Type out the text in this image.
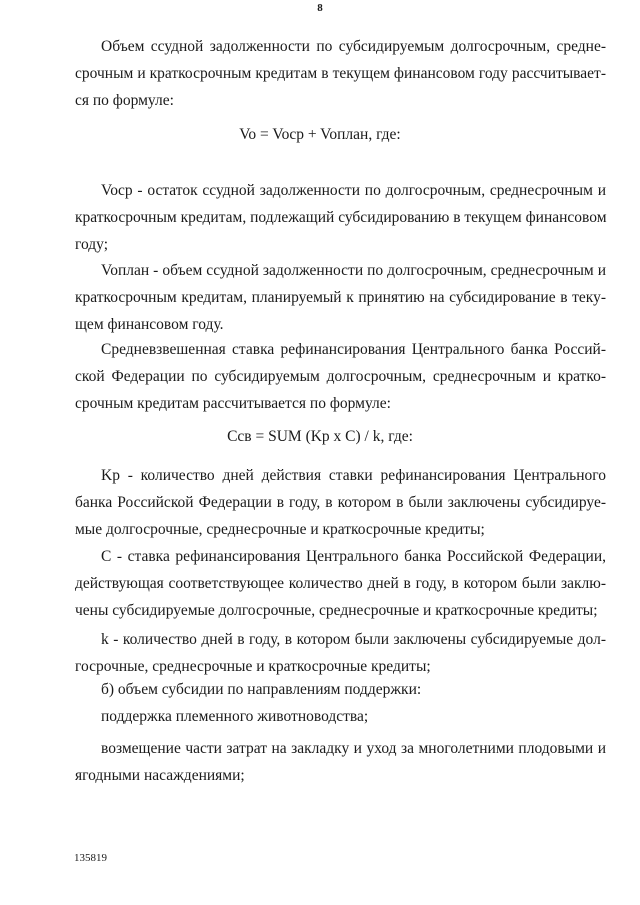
8
Объем ссудной задолженности по субсидируемым долгосрочным, средне-
срочным и краткосрочным кредитам в текущем финансовом году рассчитывает-
ся по формуле:
Vo = Vocp + Voплан, где:
Vocp - остаток ссудной задолженности по долгосрочным, среднесрочным и
краткосрочным кредитам, подлежащий субсидированию в текущем финансовом
году;
Voплан - объем ссудной задолженности по долгосрочным, среднесрочным и
краткосрочным кредитам, планируемый к принятию на субсидирование в теку-
щем финансовом году.
Средневзвешенная ставка рефинансирования Центрального банка Россий-
ской Федерации по субсидируемым долгосрочным, среднесрочным и кратко-
срочным кредитам рассчитывается по формуле:
Ccв = SUM (Kp x C) / k, где:
Kp - количество дней действия ставки рефинансирования Центрального
банка Российской Федерации в году, в котором в были заключены субсидируе-
мые долгосрочные, среднесрочные и краткосрочные кредиты;
С - ставка рефинансирования Центрального банка Российской Федерации,
действующая соответствующее количество дней в году, в котором были заклю-
чены субсидируемые долгосрочные, среднесрочные и краткосрочные кредиты;
k - количество дней в году, в котором были заключены субсидируемые дол-
госрочные, среднесрочные и краткосрочные кредиты;
б) объем субсидии по направлениям поддержки:
поддержка племенного животноводства;
возмещение части затрат на закладку и уход за многолетними плодовыми и
ягодными насаждениями;
135819
